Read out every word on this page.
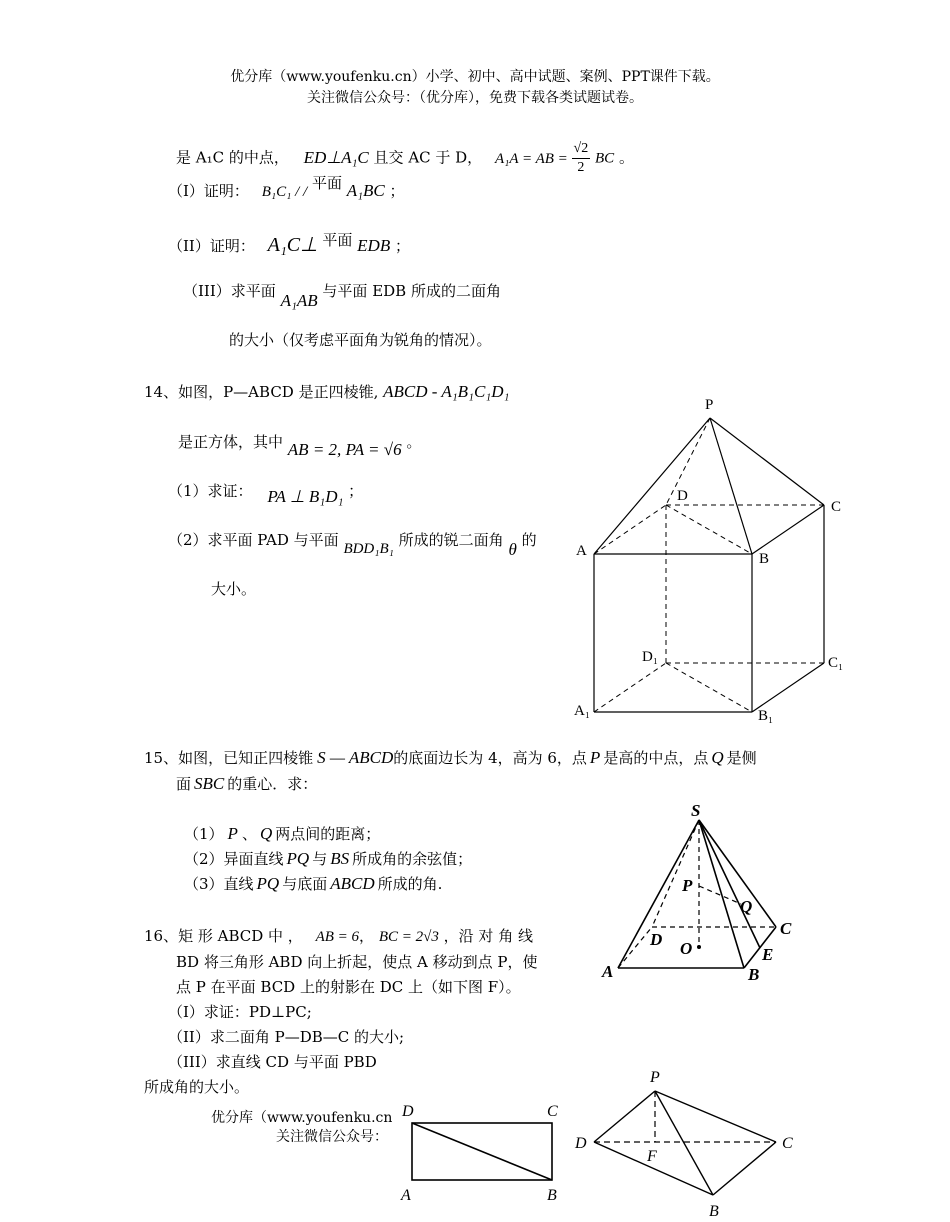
优分库（www.youfenku.cn）小学、初中、高中试题、案例、PPT课件下载。
关注微信公众号：（优分库），免费下载各类试题试卷。
是 A₁C 的中点， ED⊥A₁C 且交 AC 于 D， A₁A = AB = $\frac{√2}{2}$ BC 。
（I）证明： B₁C₁ / / 平面 A₁BC ；
（II）证明： A₁C⊥ 平面 EDB ；
（III）求平面 A₁AB 与平面 EDB 所成的二面角
的大小（仅考虑平面角为锐角的情况）。
14、如图，P—ABCD 是正四棱锥, ABCD - A₁B₁C₁D₁
是正方体，其中 AB = 2, PA = √6 。
（1）求证： PA ⊥ B₁D₁ ；
（2）求平面 PAD 与平面 BDD₁B₁ 所成的锐二面角 θ 的
大小。
P
D
C
A	B
D₁	C₁
A₁	B₁
15、如图，已知正四棱锥 S — ABCD的底面边长为 4，高为 6，点 P 是高的中点，点 Q 是侧
面 SBC 的重心．求：
（1） P 、 Q 两点间的距离；
（2）异面直线 PQ 与 BS 所成角的余弦值；
（3）直线 PQ 与底面 ABCD 所成的角.
S
P
Q
C
D O	E
A	B
16、矩 形 ABCD 中 ， AB = 6， BC = 2√3 ，沿 对 角 线
BD 将三角形 ABD 向上折起，使点 A 移动到点 P，使
点 P 在平面 BCD 上的射影在 DC 上（如下图 F）。
（I）求证：PD⊥PC;
（II）求二面角 P—DB—C 的大小;
（III）求直线 CD 与平面 PBD
所成角的大小。
优分库（www.youfenku.cn
关注微信公众号：
D	C
A	B
P
D	C
F
B
